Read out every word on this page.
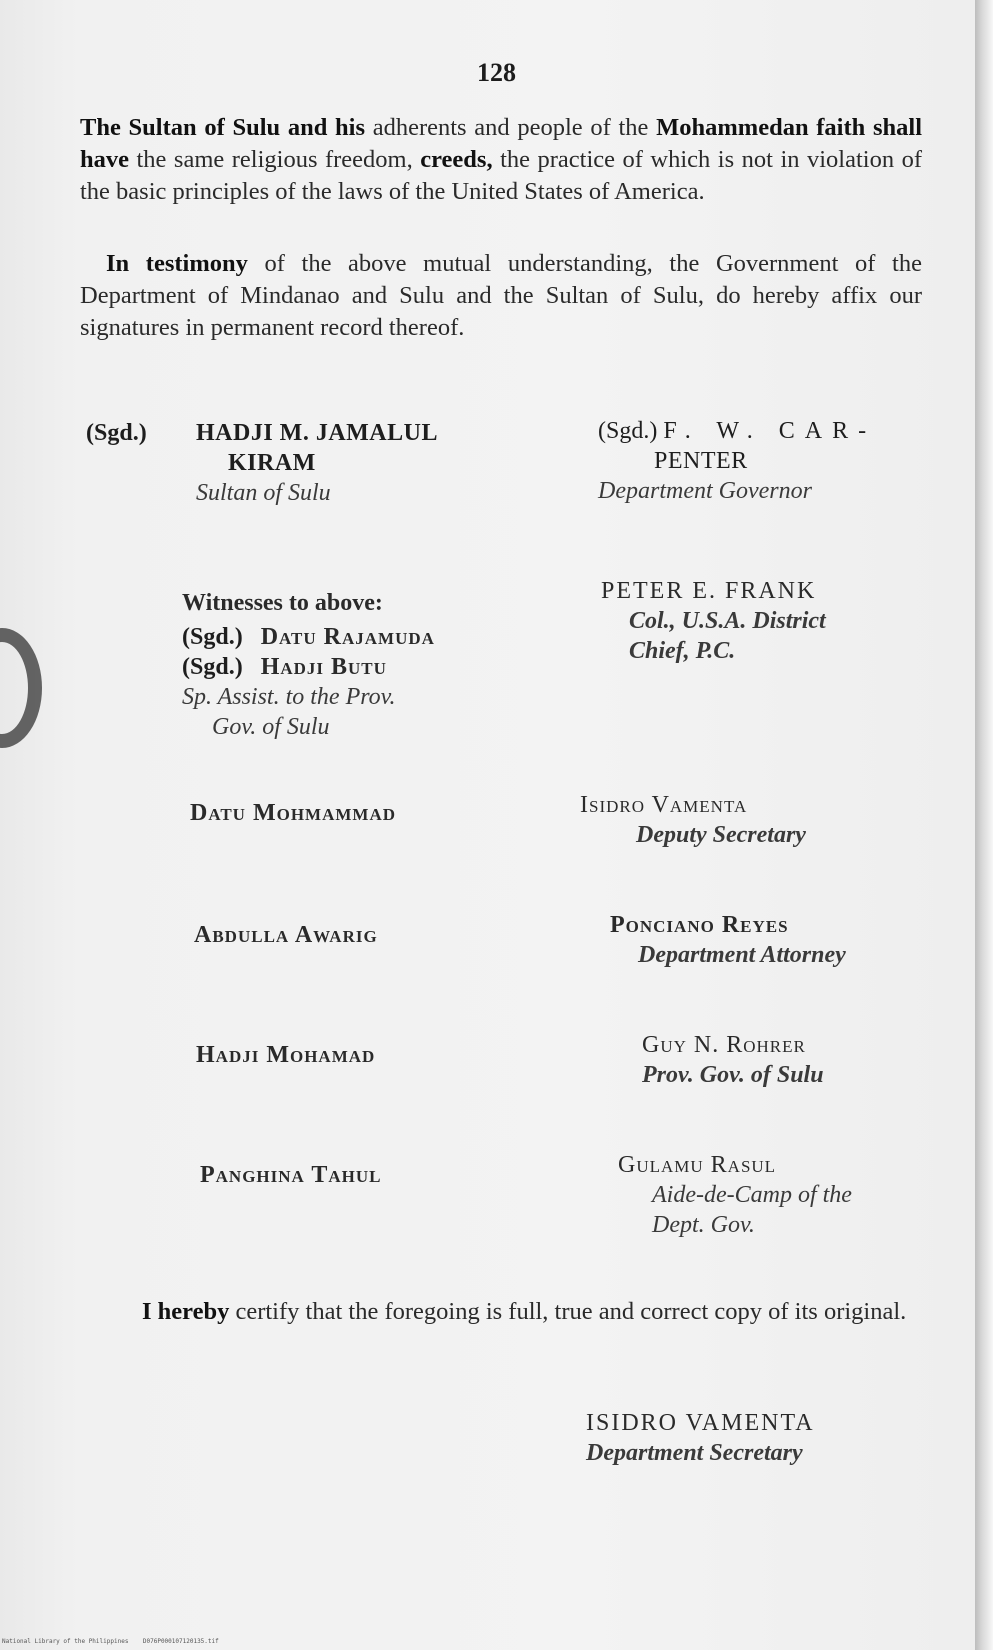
128

The Sultan of Sulu and his adherents and people of the Mohammedan faith shall have the same religious freedom, creeds, the practice of which is not in violation of the basic principles of the laws of the United States of America.

In testimony of the above mutual understanding, the Government of the Department of Mindanao and Sulu and the Sultan of Sulu, do hereby affix our signatures in permanent record thereof.

(Sgd.) HADJI M. JAMALUL
KIRAM
Sultan of Sulu
(Sgd.) F. W. CAR-
PENTER
Department Governor
Witnesses to above:
(Sgd.) Datu Rajamuda
(Sgd.) Hadji Butu
Sp. Assist. to the Prov.
Gov. of Sulu
PETER E. FRANK
Col., U.S.A. District
Chief, P.C.
Datu Mohmammad	Isidro Vamenta
Deputy Secretary
Abdulla Awarig	Ponciano Reyes
Department Attorney
Hadji Mohamad	Guy N. Rohrer
Prov. Gov. of Sulu
Panghina Tahul	Gulamu Rasul
Aide-de-Camp of the
Dept. Gov.

I hereby certify that the foregoing is full, true and correct copy of its original.

ISIDRO VAMENTA
Department Secretary
National Library of the Philippines    D076P000107120135.tif
